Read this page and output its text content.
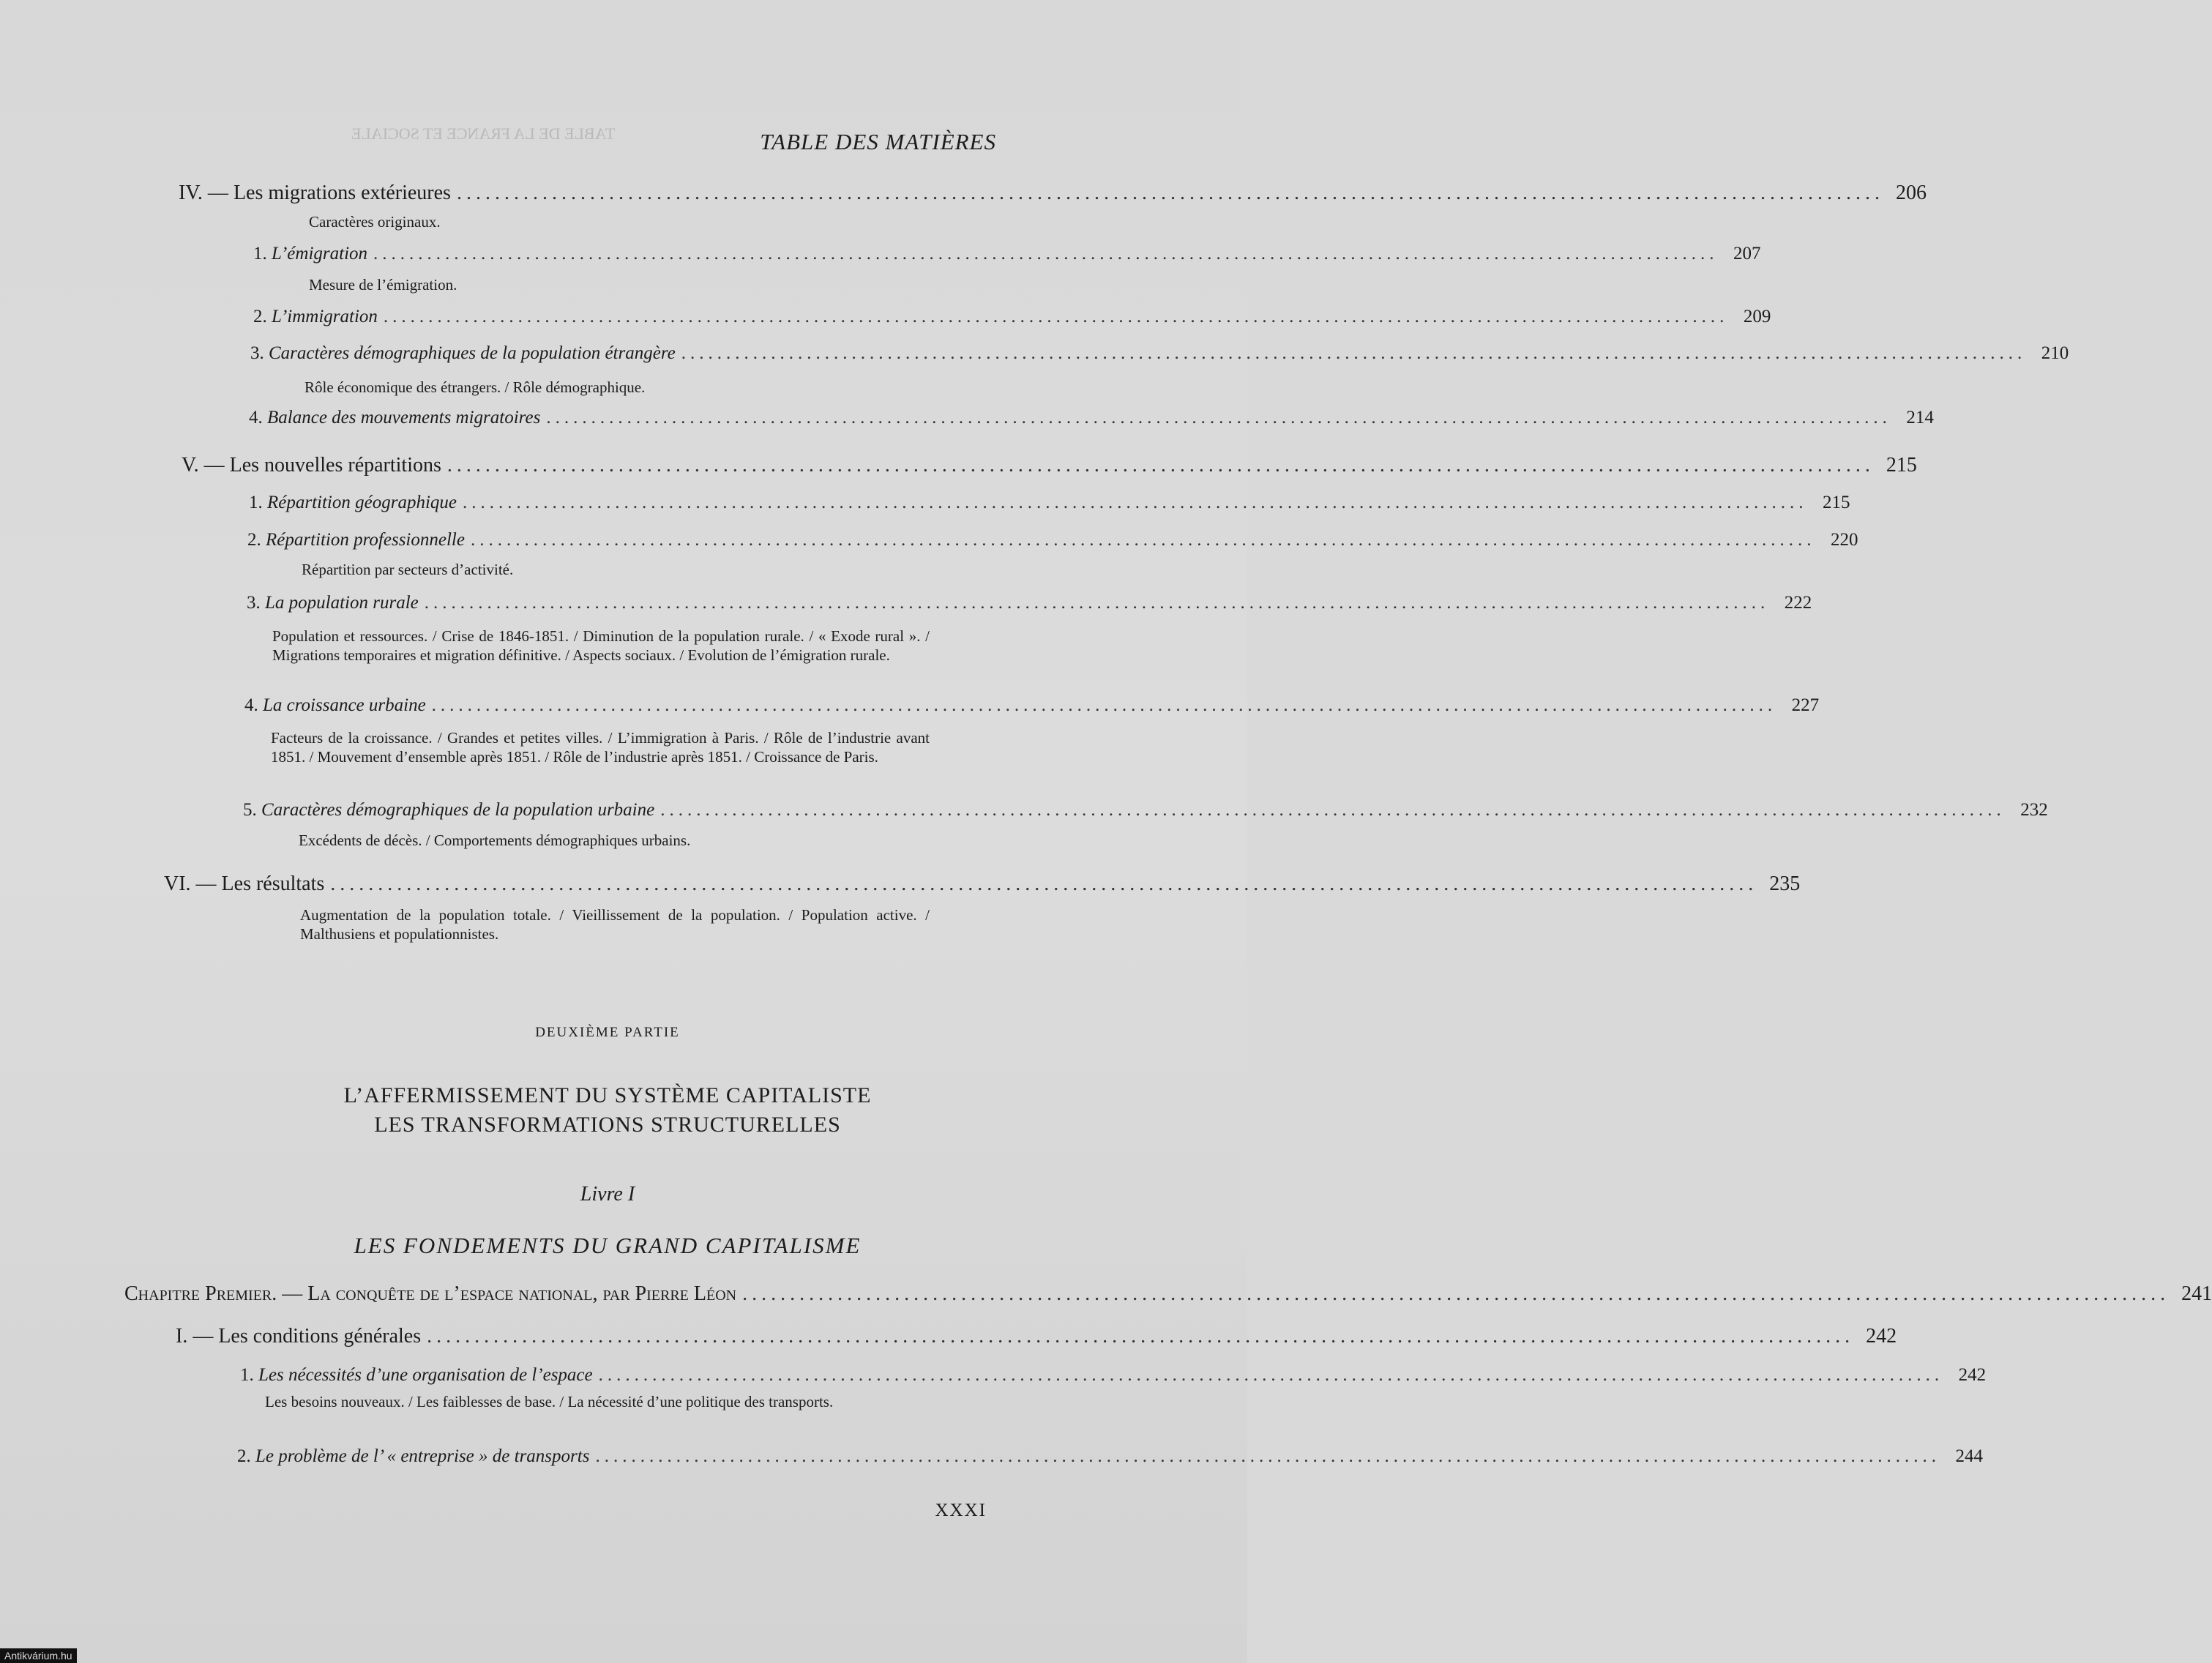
TABLE DE LA FRANCE ET SOCIALE	TABLE DES MATIÈRES
IV. — Les migrations extérieures ...................................................................................................................................................... 206
Caractères originaux.
1. L’émigration ...................................................................................................................................................... 207
Mesure de l’émigration.
2. L’immigration ...................................................................................................................................................... 209
3. Caractères démographiques de la population étrangère ...................................................................................................................................................... 210
Rôle économique des étrangers. / Rôle démographique.
4. Balance des mouvements migratoires ...................................................................................................................................................... 214
V. — Les nouvelles répartitions ...................................................................................................................................................... 215
1. Répartition géographique ...................................................................................................................................................... 215
2. Répartition professionnelle ...................................................................................................................................................... 220
Répartition par secteurs d’activité.
3. La population rurale ...................................................................................................................................................... 222
Population et ressources. / Crise de 1846-1851. / Diminution de la population rurale. / « Exode rural ». / Migrations temporaires et migration définitive. / Aspects sociaux. / Evolution de l’émigration rurale.
4. La croissance urbaine ...................................................................................................................................................... 227
Facteurs de la croissance. / Grandes et petites villes. / L’immigration à Paris. / Rôle de l’industrie avant 1851. / Mouvement d’ensemble après 1851. / Rôle de l’industrie après 1851. / Croissance de Paris.
5. Caractères démographiques de la population urbaine ...................................................................................................................................................... 232
Excédents de décès. / Comportements démographiques urbains.
VI. — Les résultats ...................................................................................................................................................... 235
Augmentation de la population totale. / Vieillissement de la population. / Population active. / Malthusiens et populationnistes.
DEUXIÈME PARTIE
L’AFFERMISSEMENT DU SYSTÈME CAPITALISTE
LES TRANSFORMATIONS STRUCTURELLES
Livre I
LES FONDEMENTS DU GRAND CAPITALISME
Chapitre Premier. — La conquête de l’espace national, par Pierre Léon ...................................................................................................................................................... 241
I. — Les conditions générales ...................................................................................................................................................... 242
1. Les nécessités d’une organisation de l’espace ...................................................................................................................................................... 242
Les besoins nouveaux. / Les faiblesses de base. / La nécessité d’une politique des transports.
2. Le problème de l’ « entreprise » de transports ...................................................................................................................................................... 244
XXXI
Antikvárium.hu
